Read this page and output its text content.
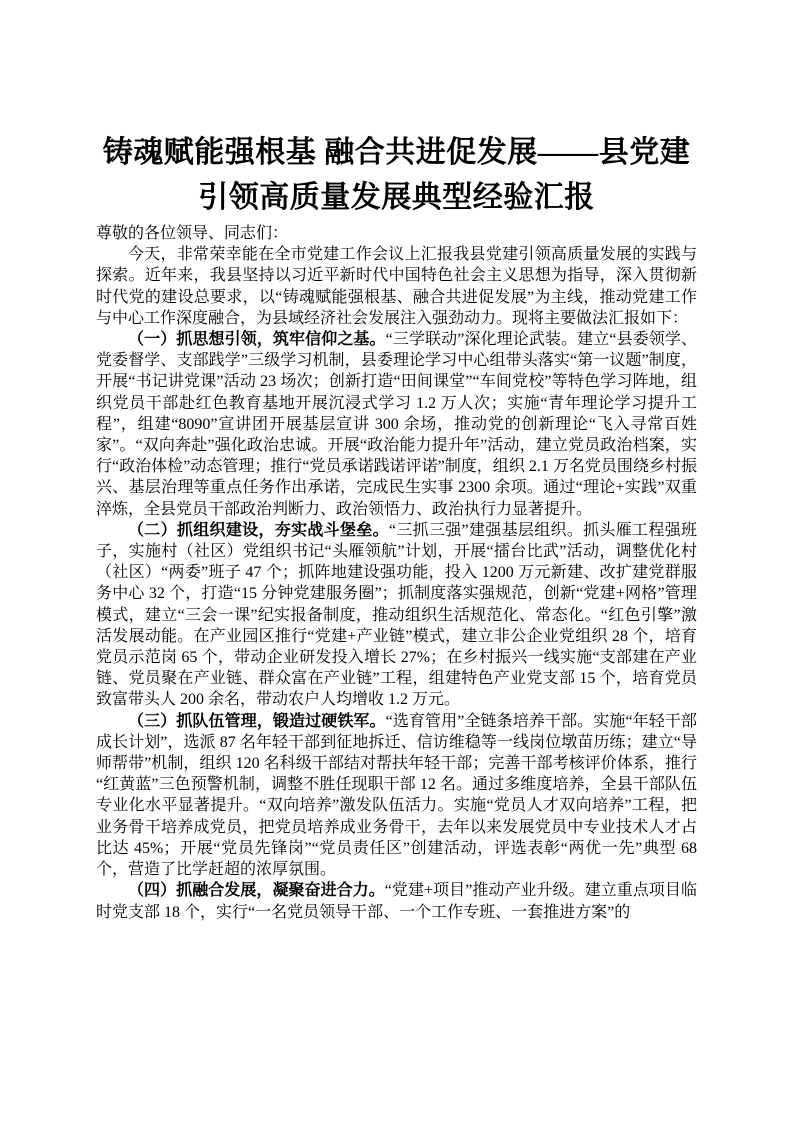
铸魂赋能强根基 融合共进促发展——县党建
引领高质量发展典型经验汇报

尊敬的各位领导、同志们：

今天，非常荣幸能在全市党建工作会议上汇报我县党建引领高质量发展的实践与探索。近年来，我县坚持以习近平新时代中国特色社会主义思想为指导，深入贯彻新时代党的建设总要求，以“铸魂赋能强根基、融合共进促发展”为主线，推动党建工作与中心工作深度融合，为县域经济社会发展注入强劲动力。现将主要做法汇报如下：

（一）抓思想引领，筑牢信仰之基。“三学联动”深化理论武装。建立“县委领学、党委督学、支部践学”三级学习机制，县委理论学习中心组带头落实“第一议题”制度，开展“书记讲党课”活动 23 场次；创新打造“田间课堂”“车间党校”等特色学习阵地，组织党员干部赴红色教育基地开展沉浸式学习 1.2 万人次；实施“青年理论学习提升工程”，组建“8090”宣讲团开展基层宣讲 300 余场，推动党的创新理论“飞入寻常百姓家”。“双向奔赴”强化政治忠诚。开展“政治能力提升年”活动，建立党员政治档案，实行“政治体检”动态管理；推行“党员承诺践诺评诺”制度，组织 2.1 万名党员围绕乡村振兴、基层治理等重点任务作出承诺，完成民生实事 2300 余项。通过“理论+实践”双重淬炼，全县党员干部政治判断力、政治领悟力、政治执行力显著提升。

（二）抓组织建设，夯实战斗堡垒。“三抓三强”建强基层组织。抓头雁工程强班子，实施村（社区）党组织书记“头雁领航”计划，开展“擂台比武”活动，调整优化村（社区）“两委”班子 47 个；抓阵地建设强功能，投入 1200 万元新建、改扩建党群服务中心 32 个，打造“15 分钟党建服务圈”；抓制度落实强规范，创新“党建+网格”管理模式，建立“三会一课”纪实报备制度，推动组织生活规范化、常态化。“红色引擎”激活发展动能。在产业园区推行“党建+产业链”模式，建立非公企业党组织 28 个，培育党员示范岗 65 个，带动企业研发投入增长 27%；在乡村振兴一线实施“支部建在产业链、党员聚在产业链、群众富在产业链”工程，组建特色产业党支部 15 个，培育党员致富带头人 200 余名，带动农户人均增收 1.2 万元。

（三）抓队伍管理，锻造过硬铁军。“选育管用”全链条培养干部。实施“年轻干部成长计划”，选派 87 名年轻干部到征地拆迁、信访维稳等一线岗位墩苗历练；建立“导师帮带”机制，组织 120 名科级干部结对帮扶年轻干部；完善干部考核评价体系，推行“红黄蓝”三色预警机制，调整不胜任现职干部 12 名。通过多维度培养，全县干部队伍专业化水平显著提升。“双向培养”激发队伍活力。实施“党员人才双向培养”工程，把业务骨干培养成党员，把党员培养成业务骨干，去年以来发展党员中专业技术人才占比达 45%；开展“党员先锋岗”“党员责任区”创建活动，评选表彰“两优一先”典型 68 个，营造了比学赶超的浓厚氛围。

（四）抓融合发展，凝聚奋进合力。“党建+项目”推动产业升级。建立重点项目临时党支部 18 个，实行“一名党员领导干部、一个工作专班、一套推进方案”的
